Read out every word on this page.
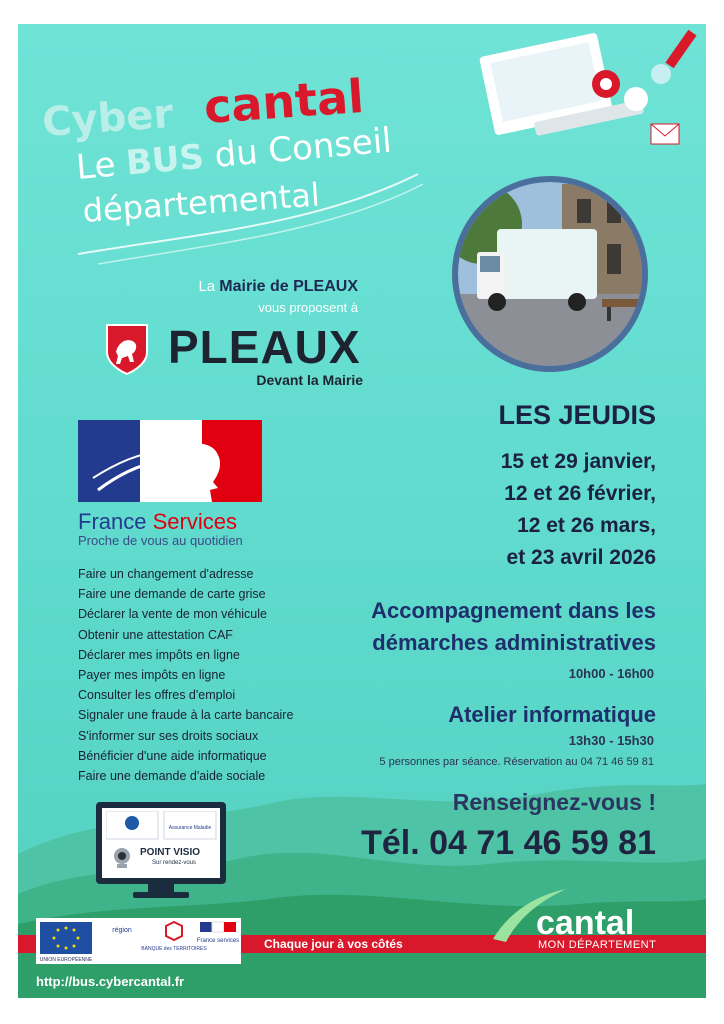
Cyber cantal
Le BUS du Conseil
départemental
La Mairie de PLEAUX
vous proposent à
PLEAUX
Devant la Mairie
France Services
Proche de vous au quotidien
Faire un changement d'adresse
Faire une demande de carte grise
Déclarer la vente de mon véhicule
Obtenir une attestation CAF
Déclarer mes impôts en ligne
Payer mes impôts en ligne
Consulter les offres d'emploi
Signaler une fraude à la carte bancaire
S'informer sur ses droits sociaux
Bénéficier d'une aide informatique
Faire une demande d'aide sociale
Assurance Maladie
POINT VISIO
Sur rendez-vous
LES JEUDIS
15 et 29 janvier,
12 et 26 février,
12 et 26 mars,
et 23 avril 2026
Accompagnement dans les
démarches administratives
10h00 - 16h00
Atelier informatique
13h30 - 15h30
5 personnes par séance. Réservation au 04 71 46 59 81
Renseignez-vous !
Tél. 04 71 46 59 81
Chaque jour à vos côtés
UNION EUROPÉENNE
région
BANQUE des TERRITOIRES
France services	cantal
MON DÉPARTEMENT
http://bus.cybercantal.fr
